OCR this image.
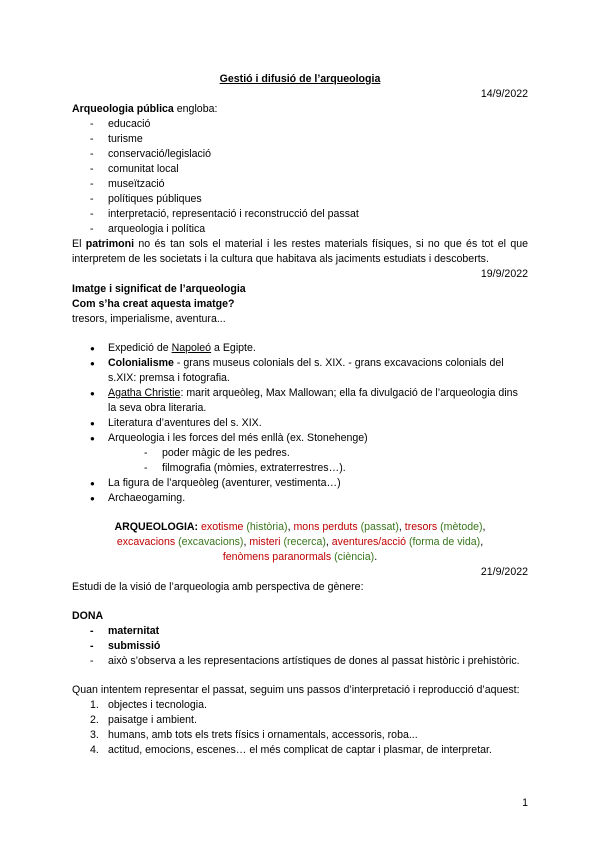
Gestió i difusió de l’arqueologia
14/9/2022
Arqueologia pública engloba:
- educació
- turisme
- conservació/legislació
- comunitat local
- museïtzació
- polítiques públiques
- interpretació, representació i reconstrucció del passat
- arqueologia i política
El patrimoni no és tan sols el material i les restes materials físiques, si no que és tot el que interpretem de les societats i la cultura que habitava als jaciments estudiats i descoberts.
19/9/2022
Imatge i significat de l’arqueologia
Com s’ha creat aquesta imatge?
tresors, imperialisme, aventura...
● Expedició de Napoleó a Egipte.
● Colonialisme - grans museus colonials del s. XIX. - grans excavacions colonials del s.XIX: premsa i fotografia.
● Agatha Christie: marit arqueòleg, Max Mallowan; ella fa divulgació de l’arqueologia dins la seva obra literaria.
● Literatura d’aventures del s. XIX.
● Arqueologia i les forces del més enllà (ex. Stonehenge)
- poder màgic de les pedres.
- filmografia (mòmies, extraterrestres…).
● La figura de l’arqueòleg (aventurer, vestimenta…)
● Archaeogaming.
ARQUEOLOGIA: exotisme (història), mons perduts (passat), tresors (mètode), excavacions (excavacions), misteri (recerca), aventures/acció (forma de vida), fenòmens paranormals (ciència).
21/9/2022
Estudi de la visió de l’arqueologia amb perspectiva de gènere:
DONA
- maternitat
- submissió
- això s’observa a les representacions artístiques de dones al passat històric i prehistòric.
Quan intentem representar el passat, seguim uns passos d’interpretació i reproducció d’aquest:
1. objectes i tecnologia.
2. paisatge i ambient.
3. humans, amb tots els trets físics i ornamentals, accessoris, roba...
4. actitud, emocions, escenes… el més complicat de captar i plasmar, de interpretar.
1
